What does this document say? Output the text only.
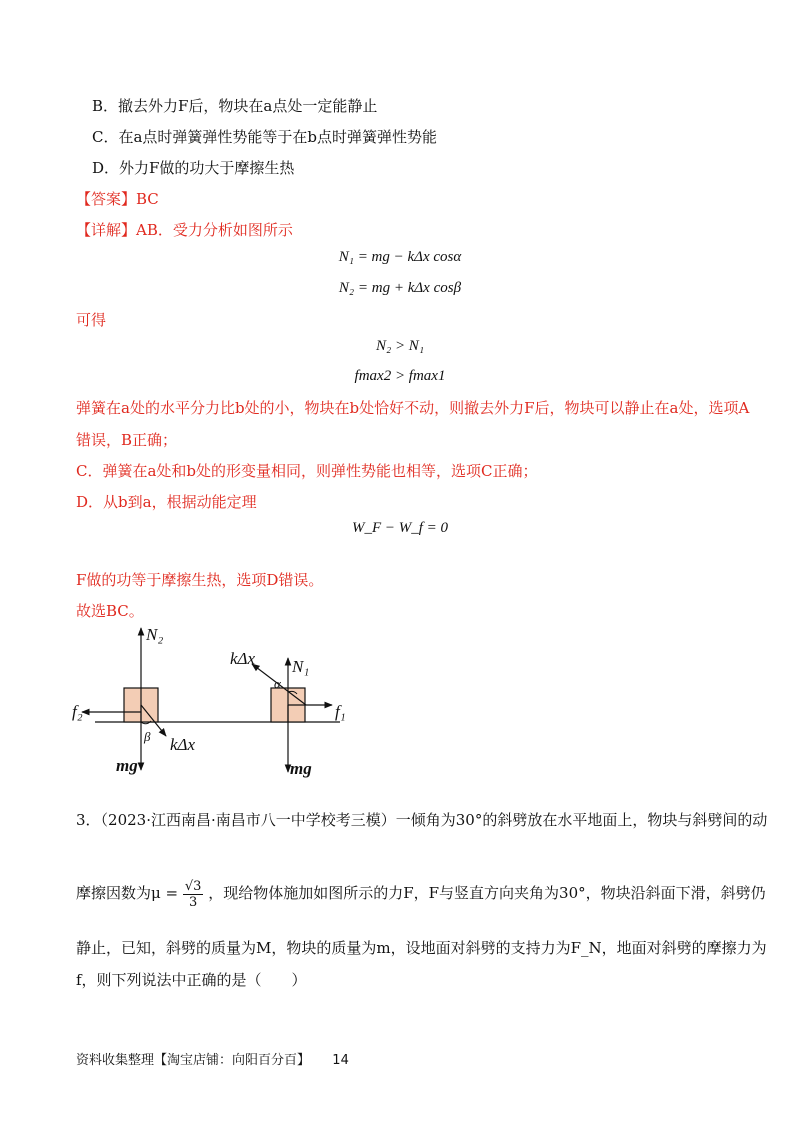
B．撤去外力F后，物块在a点处一定能静止
C．在a点时弹簧弹性势能等于在b点时弹簧弹性势能
D．外力F做的功大于摩擦生热
【答案】BC
【详解】AB．受力分析如图所示
N₁ = mg − kΔx cosα
N₂ = mg + kΔx cosβ
可得
N₂ > N₁
fmax2 > fmax1
弹簧在a处的水平分力比b处的小，物块在b处恰好不动，则撤去外力F后，物块可以静止在a处，选项A
错误，B正确；
C．弹簧在a处和b处的形变量相同，则弹性势能也相等，选项C正确；
D．从b到a，根据动能定理
W_F − W_f = 0
F做的功等于摩擦生热，选项D错误。
故选BC。
N₂
f₂
β kΔx
mg
kΔx N₁
α
f₁
mg
3．（2023·江西南昌·南昌市八一中学校考三模）一倾角为30°的斜劈放在水平地面上，物块与斜劈间的动
摩擦因数为$\mu = \frac{√3}{3}$ ，现给物体施加如图所示的力F，F与竖直方向夹角为30°，物块沿斜面下滑，斜劈仍
静止，已知，斜劈的质量为M，物块的质量为m，设地面对斜劈的支持力为F_N，地面对斜劈的摩擦力为
f，则下列说法中正确的是（　　）
资料收集整理【淘宝店铺：向阳百分百】 14
